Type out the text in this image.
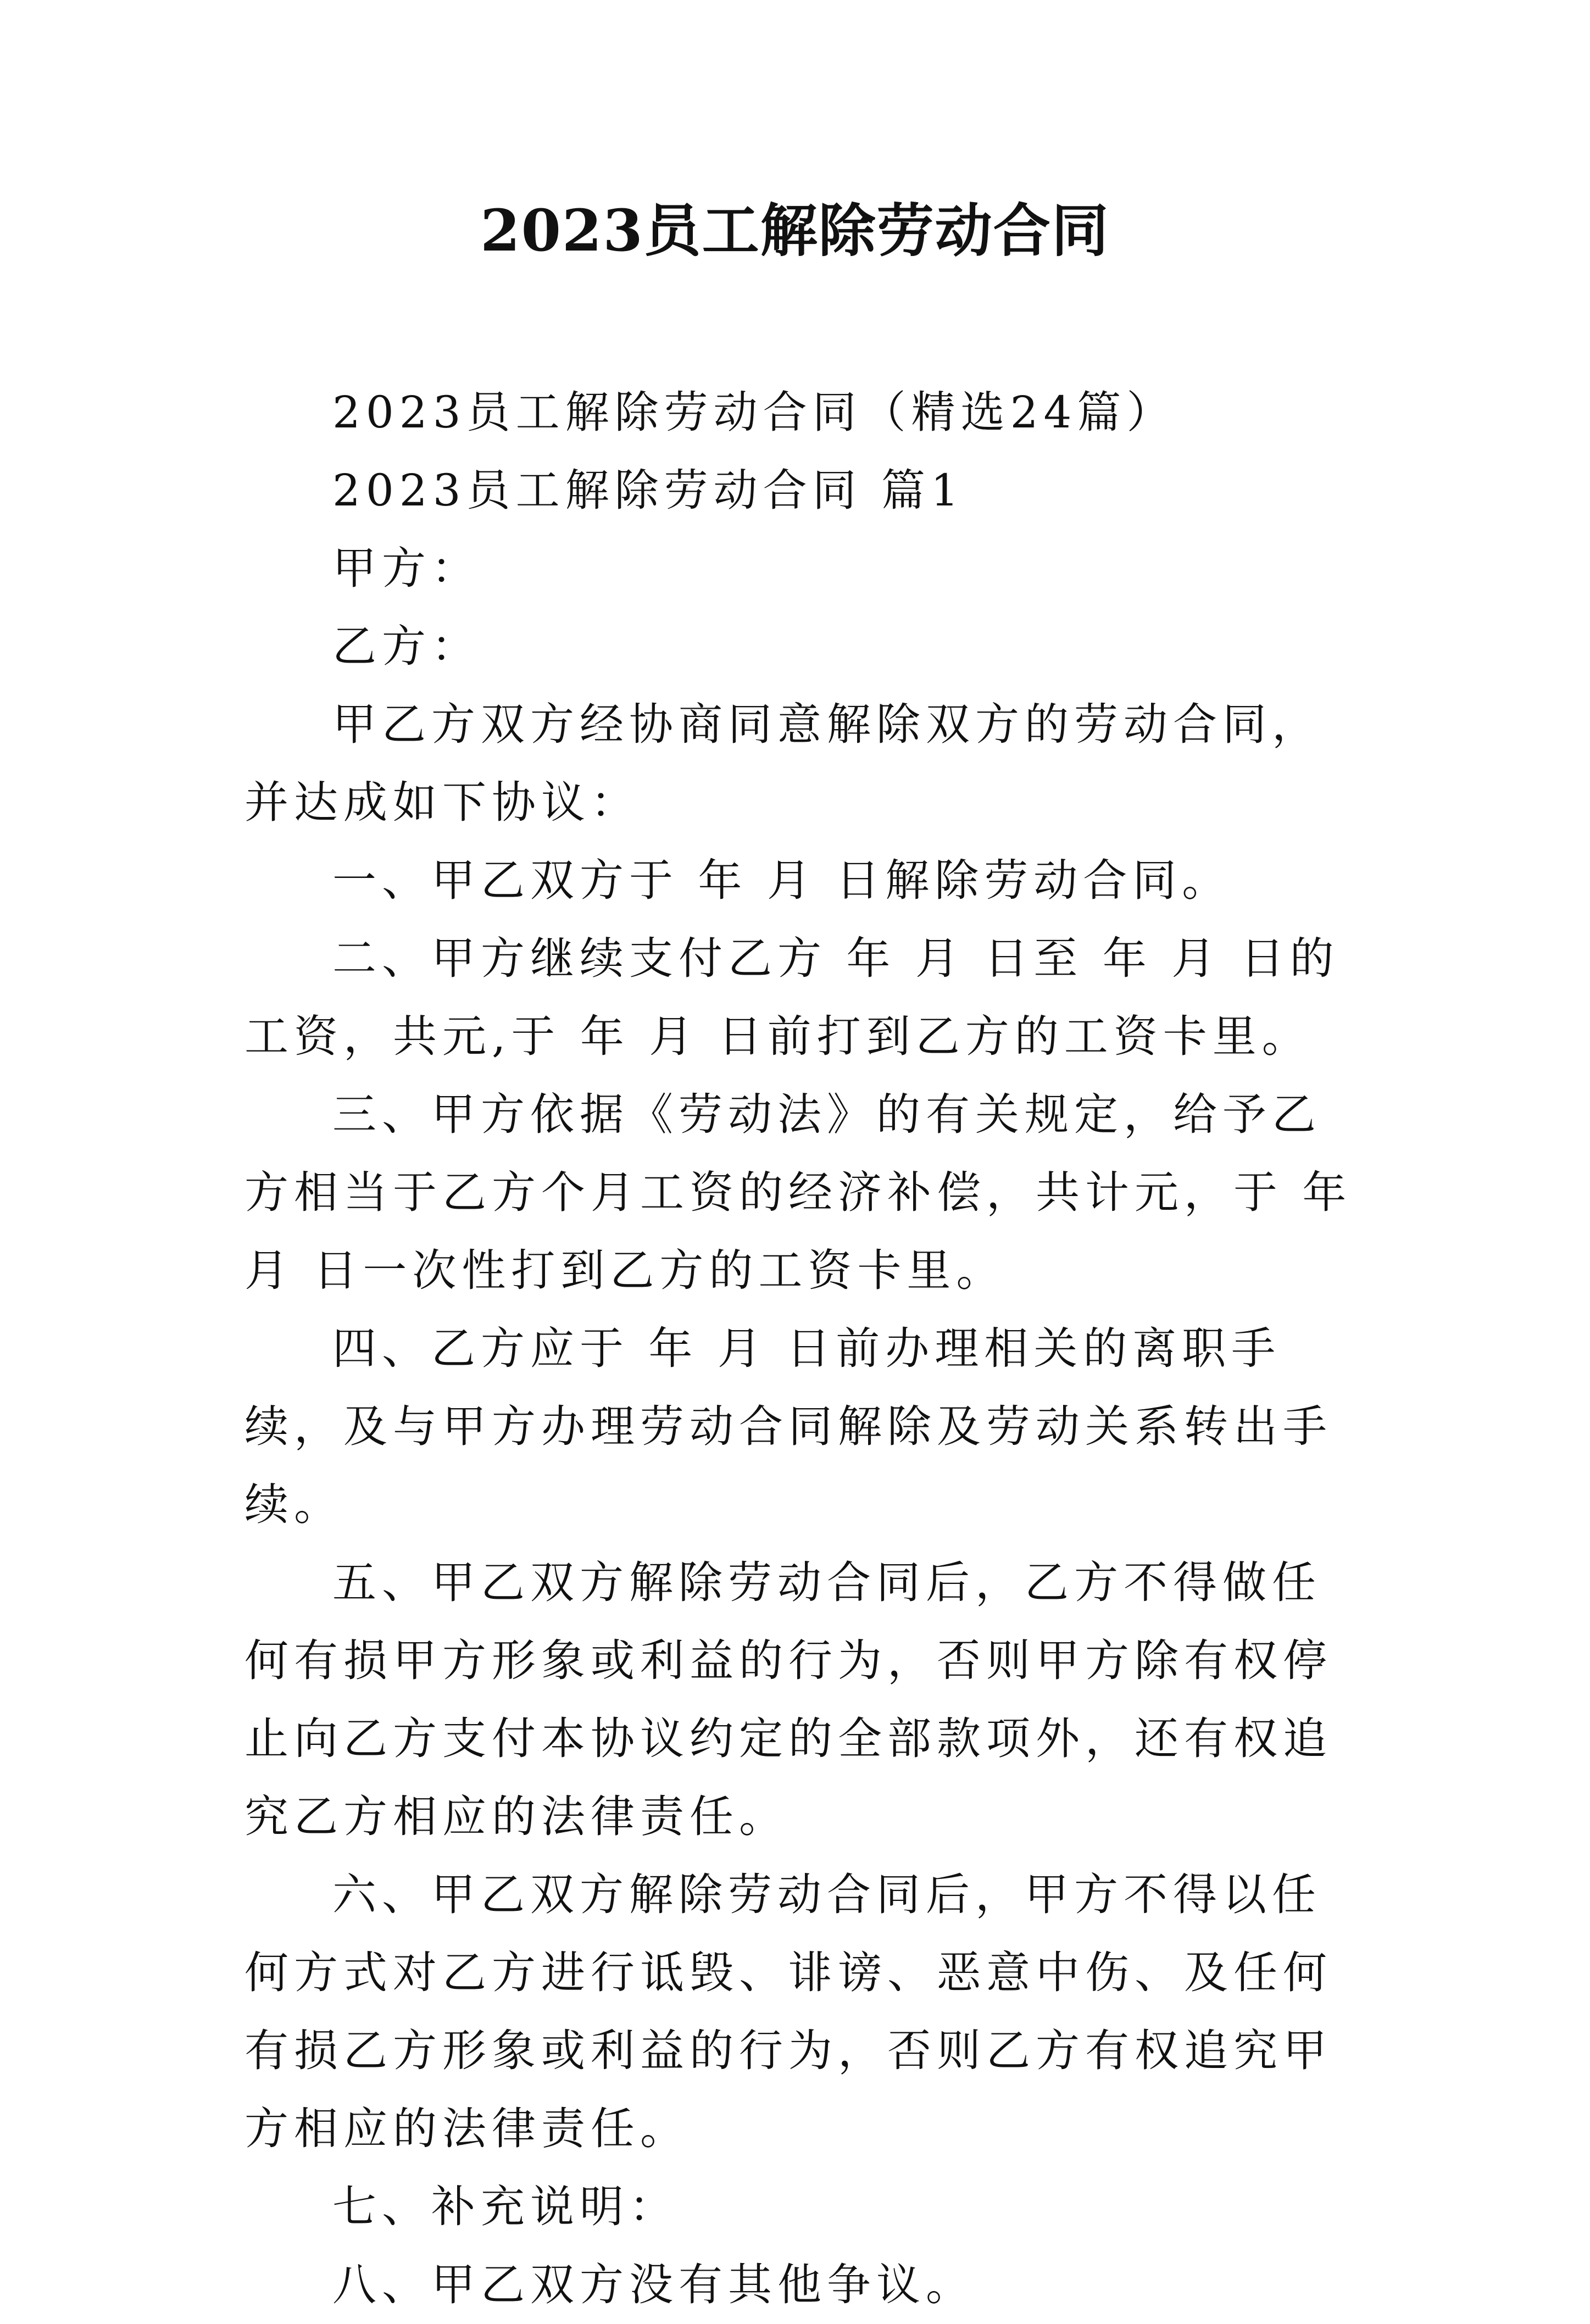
2023员工解除劳动合同

2023员工解除劳动合同（精选24篇）

2023员工解除劳动合同 篇1

甲方：

乙方：

甲乙方双方经协商同意解除双方的劳动合同，并达成如下协议：

一、甲乙双方于 年 月 日解除劳动合同。

二、甲方继续支付乙方 年 月 日至 年 月 日的工资，共元,于 年 月 日前打到乙方的工资卡里。

三、甲方依据《劳动法》的有关规定，给予乙方相当于乙方个月工资的经济补偿，共计元，于 年 月 日一次性打到乙方的工资卡里。

四、乙方应于 年 月 日前办理相关的离职手续，及与甲方办理劳动合同解除及劳动关系转出手续。

五、甲乙双方解除劳动合同后，乙方不得做任何有损甲方形象或利益的行为，否则甲方除有权停止向乙方支付本协议约定的全部款项外，还有权追究乙方相应的法律责任。

六、甲乙双方解除劳动合同后，甲方不得以任何方式对乙方进行诋毁、诽谤、恶意中伤、及任何有损乙方形象或利益的行为，否则乙方有权追究甲方相应的法律责任。

七、补充说明：

八、甲乙双方没有其他争议。
